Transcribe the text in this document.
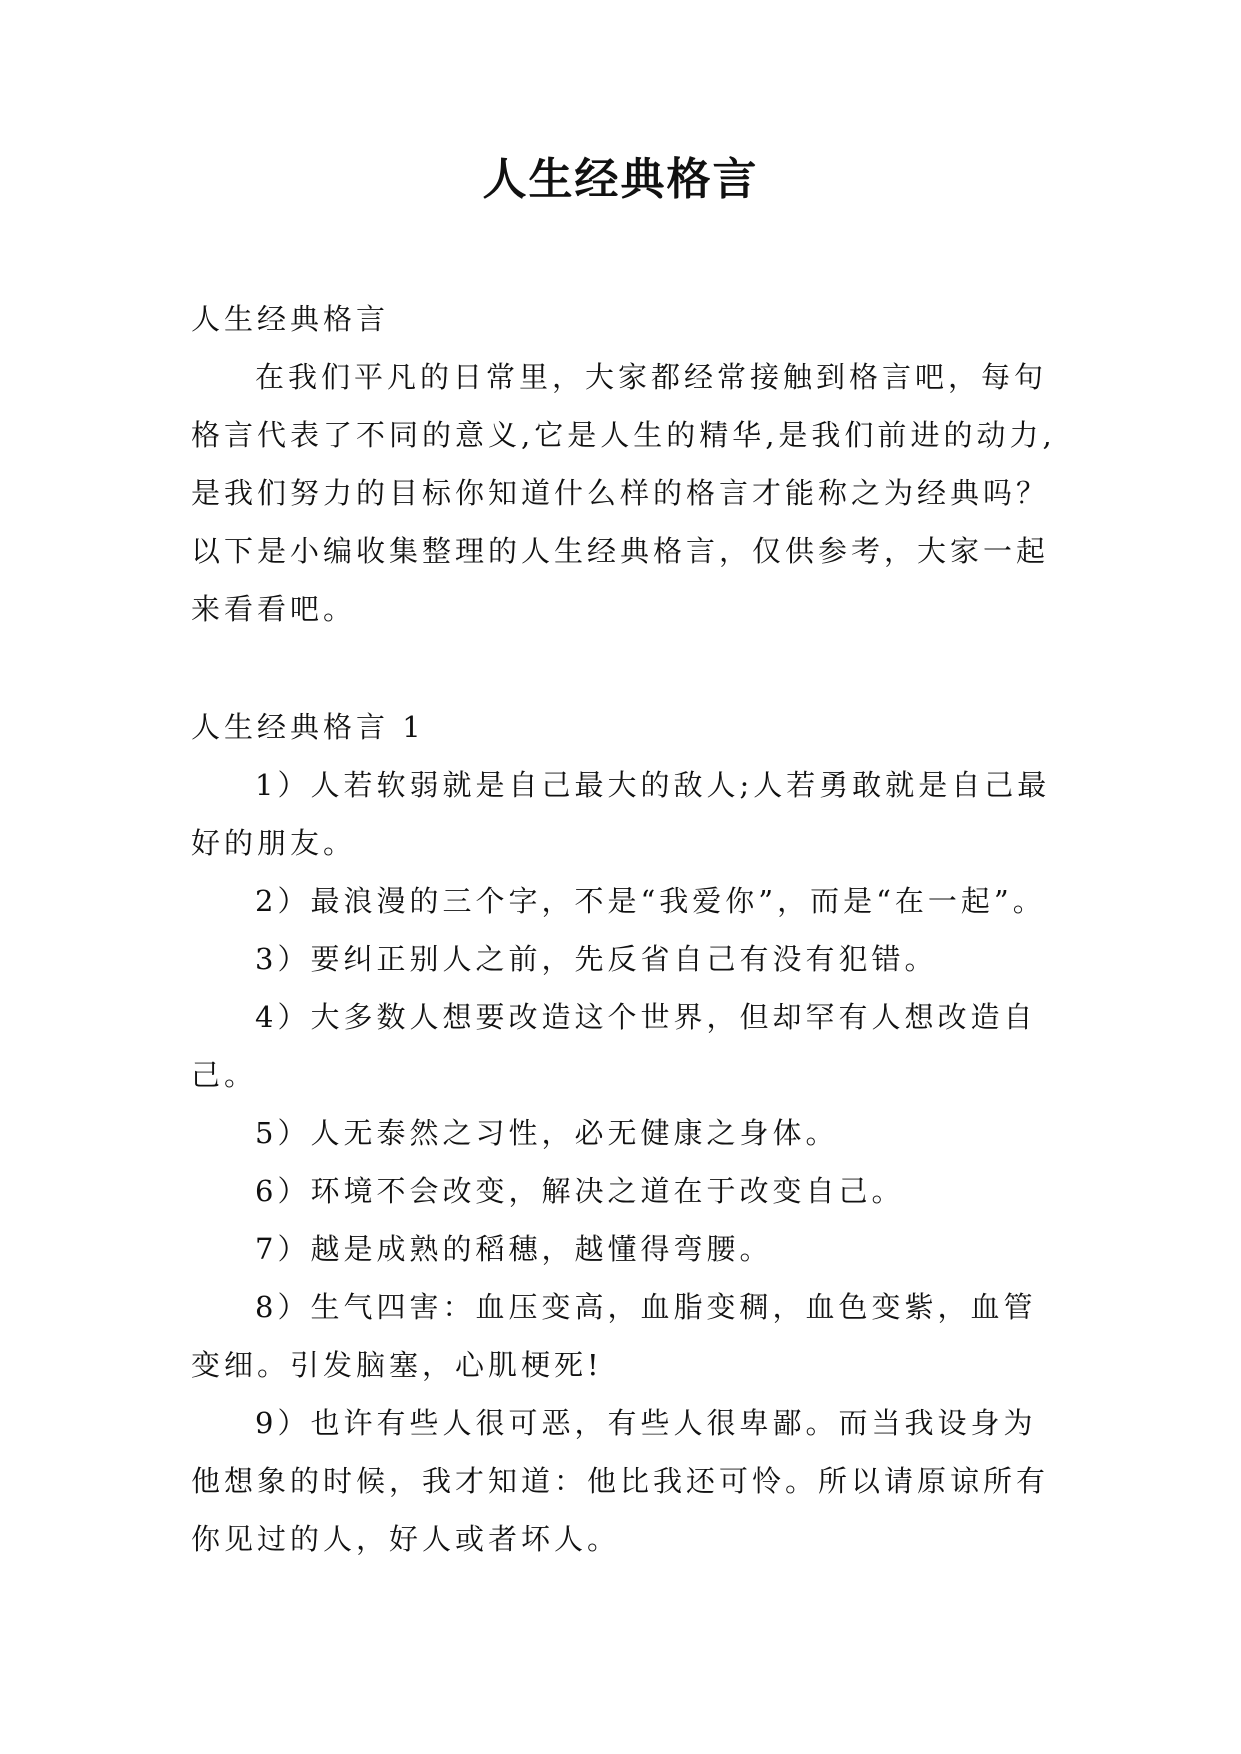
人生经典格言

人生经典格言

在我们平凡的日常里，大家都经常接触到格言吧，每句格言代表了不同的意义,它是人生的精华,是我们前进的动力,是我们努力的目标你知道什么样的格言才能称之为经典吗？以下是小编收集整理的人生经典格言，仅供参考，大家一起来看看吧。

人生经典格言 1

1）人若软弱就是自己最大的敌人;人若勇敢就是自己最好的朋友。

2）最浪漫的三个字，不是“我爱你”，而是“在一起”。

3）要纠正别人之前，先反省自己有没有犯错。

4）大多数人想要改造这个世界，但却罕有人想改造自己。

5）人无泰然之习性，必无健康之身体。

6）环境不会改变，解决之道在于改变自己。

7）越是成熟的稻穗，越懂得弯腰。

8）生气四害：血压变高，血脂变稠，血色变紫，血管变细。引发脑塞，心肌梗死!

9）也许有些人很可恶，有些人很卑鄙。而当我设身为他想象的时候，我才知道：他比我还可怜。所以请原谅所有你见过的人，好人或者坏人。
